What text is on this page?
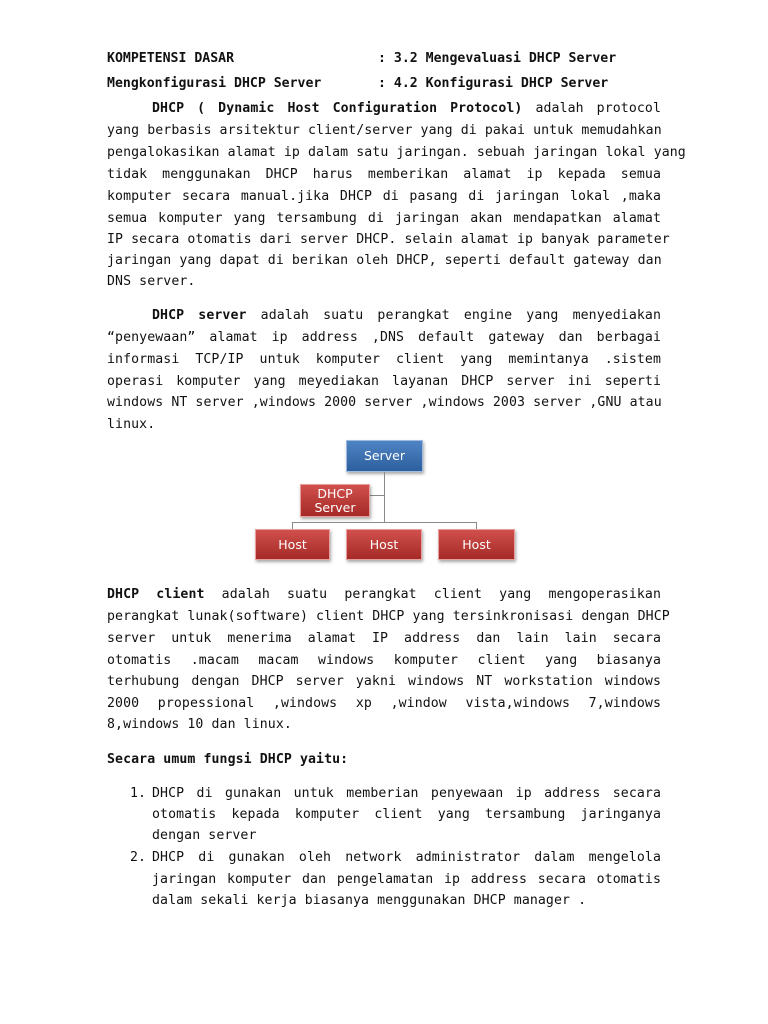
KOMPETENSI DASAR	: 3.2 Mengevaluasi DHCP Server
Mengkonfigurasi DHCP Server	: 4.2 Konfigurasi DHCP Server
DHCP ( Dynamic Host Configuration Protocol) adalah protocol
yang berbasis arsitektur client/server yang di pakai untuk memudahkan
pengalokasikan alamat ip dalam satu jaringan. sebuah jaringan lokal yang
tidak menggunakan DHCP harus memberikan alamat ip kepada semua
komputer secara manual.jika DHCP di pasang di jaringan lokal ,maka
semua komputer yang tersambung di jaringan akan mendapatkan alamat
IP secara otomatis dari server DHCP. selain alamat ip banyak parameter
jaringan yang dapat di berikan oleh DHCP, seperti default gateway dan
DNS server.
DHCP server adalah suatu perangkat engine yang menyediakan
“penyewaan” alamat ip address ,DNS default gateway dan berbagai
informasi TCP/IP untuk komputer client yang memintanya .sistem
operasi komputer yang meyediakan layanan DHCP server ini seperti
windows NT server ,windows 2000 server ,windows 2003 server ,GNU atau
linux.
Server
DHCP
Server
Host	Host	Host
DHCP client adalah suatu perangkat client yang mengoperasikan
perangkat lunak(software) client DHCP yang tersinkronisasi dengan DHCP
server untuk menerima alamat IP address dan lain lain secara
otomatis .macam macam windows komputer client yang biasanya
terhubung dengan DHCP server yakni windows NT workstation windows
2000 propessional ,windows xp ,window vista,windows 7,windows
8,windows 10 dan linux.
Secara umum fungsi DHCP yaitu:
1. DHCP di gunakan untuk memberian penyewaan ip address secara
otomatis kepada komputer client yang tersambung jaringanya
dengan server
2. DHCP di gunakan oleh network administrator dalam mengelola
jaringan komputer dan pengelamatan ip address secara otomatis
dalam sekali kerja biasanya menggunakan DHCP manager .
